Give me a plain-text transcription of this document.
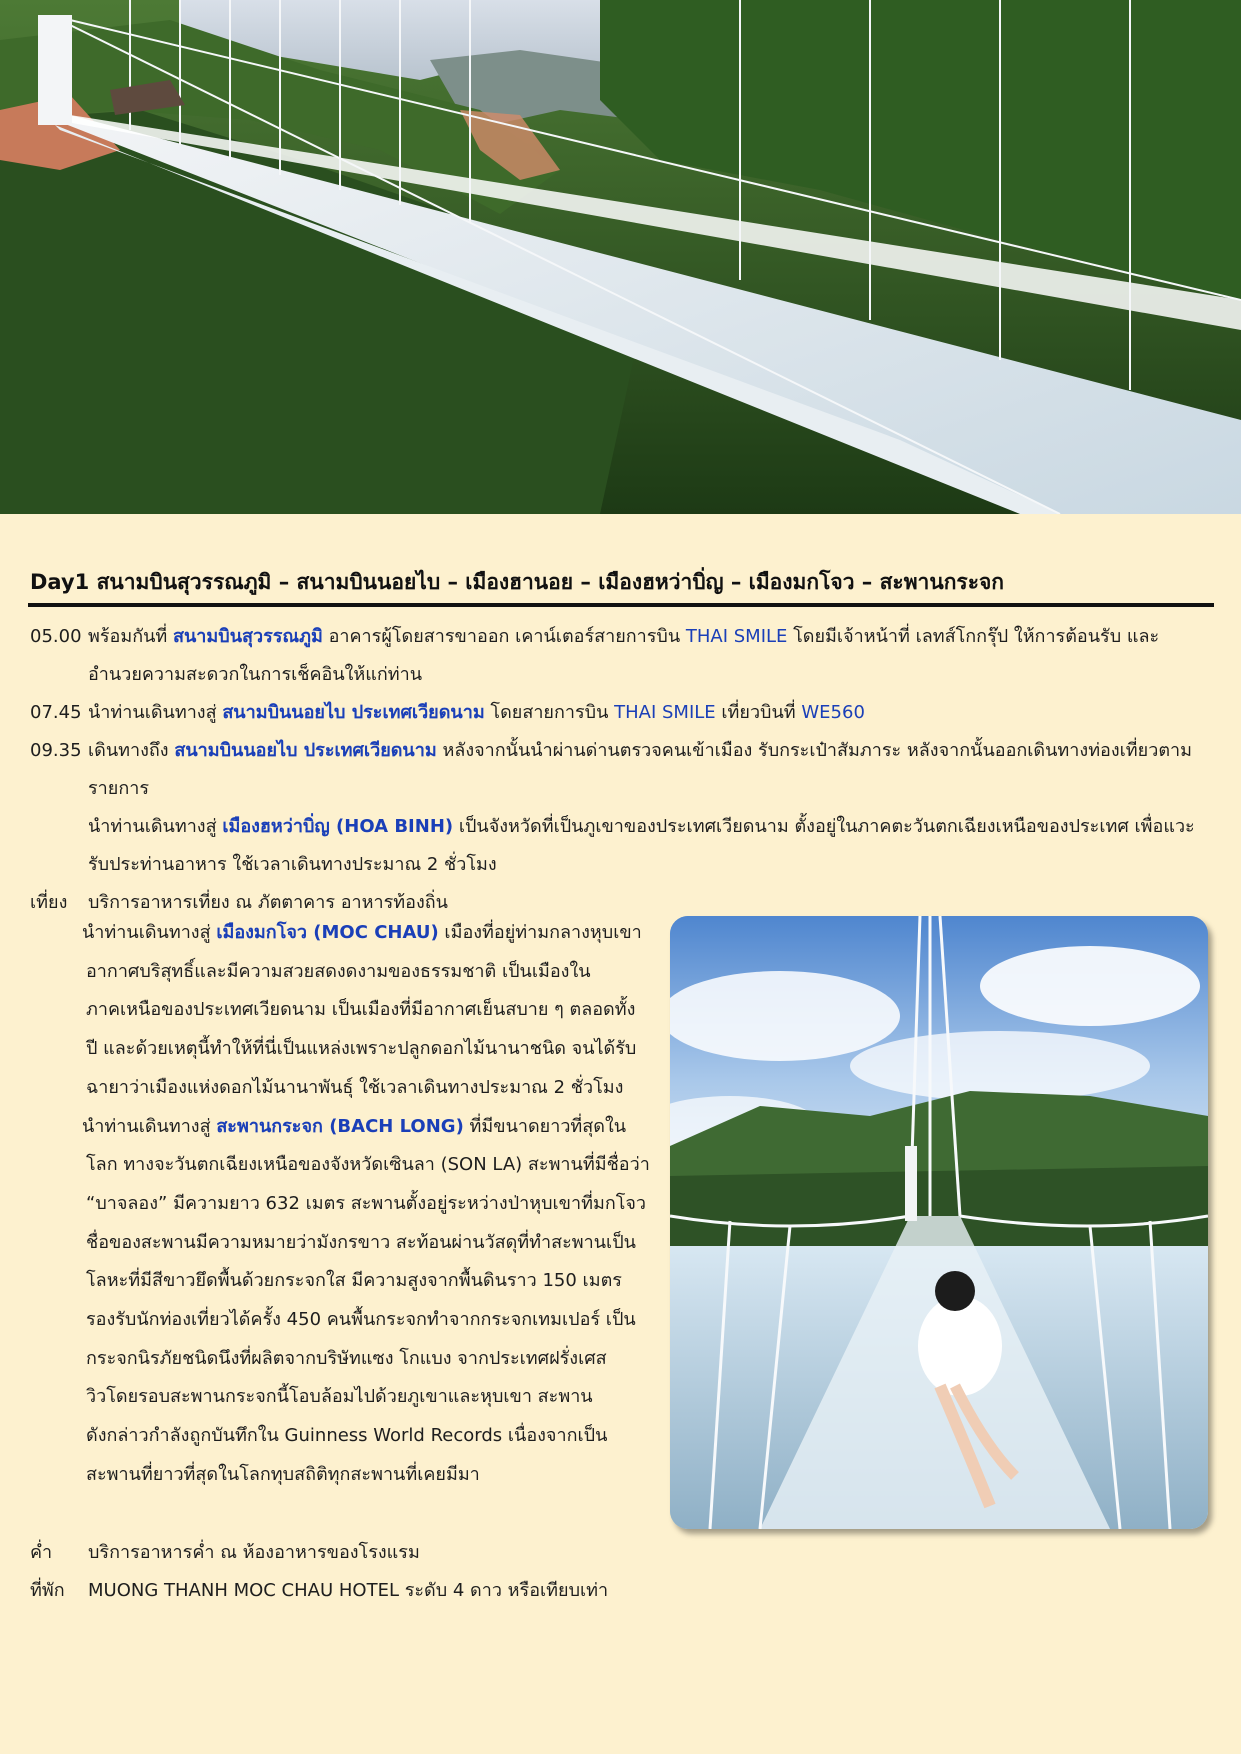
Day1 สนามบินสุวรรณภูมิ – สนามบินนอยไบ – เมืองฮานอย – เมืองฮหว่าบิ่ญ – เมืองมกโจว – สะพานกระจก
05.00 พร้อมกันที่ สนามบินสุวรรณภูมิ อาคารผู้โดยสารขาออก เคาน์เตอร์สายการบิน THAI SMILE โดยมีเจ้าหน้าที่ เลทส์โกกรุ๊ป ให้การต้อนรับ และ
อำนวยความสะดวกในการเช็คอินให้แก่ท่าน
07.45 นำท่านเดินทางสู่ สนามบินนอยไบ ประเทศเวียดนาม โดยสายการบิน THAI SMILE เที่ยวบินที่ WE560
09.35 เดินทางถึง สนามบินนอยไบ ประเทศเวียดนาม หลังจากนั้นนำผ่านด่านตรวจคนเข้าเมือง รับกระเป๋าสัมภาระ หลังจากนั้นออกเดินทางท่องเที่ยวตาม
รายการ
นำท่านเดินทางสู่ เมืองฮหว่าบิ่ญ (HOA BINH) เป็นจังหวัดที่เป็นภูเขาของประเทศเวียดนาม ตั้งอยู่ในภาคตะวันตกเฉียงเหนือของประเทศ เพื่อแวะ
รับประท่านอาหาร ใช้เวลาเดินทางประมาณ 2 ชั่วโมง
เที่ยง	บริการอาหารเที่ยง ณ ภัตตาคาร อาหารท้องถิ่น
นำท่านเดินทางสู่ เมืองมกโจว (MOC CHAU) เมืองที่อยู่ท่ามกลางหุบเขา
อากาศบริสุทธิ์และมีความสวยสดงดงามของธรรมชาติ เป็นเมืองใน
ภาคเหนือของประเทศเวียดนาม เป็นเมืองที่มีอากาศเย็นสบาย ๆ ตลอดทั้ง
ปี และด้วยเหตุนี้ทำให้ที่นี่เป็นแหล่งเพราะปลูกดอกไม้นานาชนิด จนได้รับ
ฉายาว่าเมืองแห่งดอกไม้นานาพันธุ์ ใช้เวลาเดินทางประมาณ 2 ชั่วโมง
นำท่านเดินทางสู่ สะพานกระจก (BACH LONG) ที่มีขนาดยาวที่สุดใน
โลก ทางจะวันตกเฉียงเหนือของจังหวัดเซินลา (SON LA) สะพานที่มีชื่อว่า
“บาจลอง” มีความยาว 632 เมตร สะพานตั้งอยู่ระหว่างป่าหุบเขาที่มกโจว
ชื่อของสะพานมีความหมายว่ามังกรขาว สะท้อนผ่านวัสดุที่ทำสะพานเป็น
โลหะที่มีสีขาวยึดพื้นด้วยกระจกใส มีความสูงจากพื้นดินราว 150 เมตร
รองรับนักท่องเที่ยวได้ครั้ง 450 คนพื้นกระจกทำจากกระจกเทมเปอร์ เป็น
กระจกนิรภัยชนิดนึงที่ผลิตจากบริษัทแซง โกแบง จากประเทศฝรั่งเศส
วิวโดยรอบสะพานกระจกนี้โอบล้อมไปด้วยภูเขาและหุบเขา สะพาน
ดังกล่าวกำลังถูกบันทึกใน Guinness World Records เนื่องจากเป็น
สะพานที่ยาวที่สุดในโลกทุบสถิติทุกสะพานที่เคยมีมา
ค่ำ	บริการอาหารค่ำ ณ ห้องอาหารของโรงแรม
ที่พัก	MUONG THANH MOC CHAU HOTEL ระดับ 4 ดาว หรือเทียบเท่า
